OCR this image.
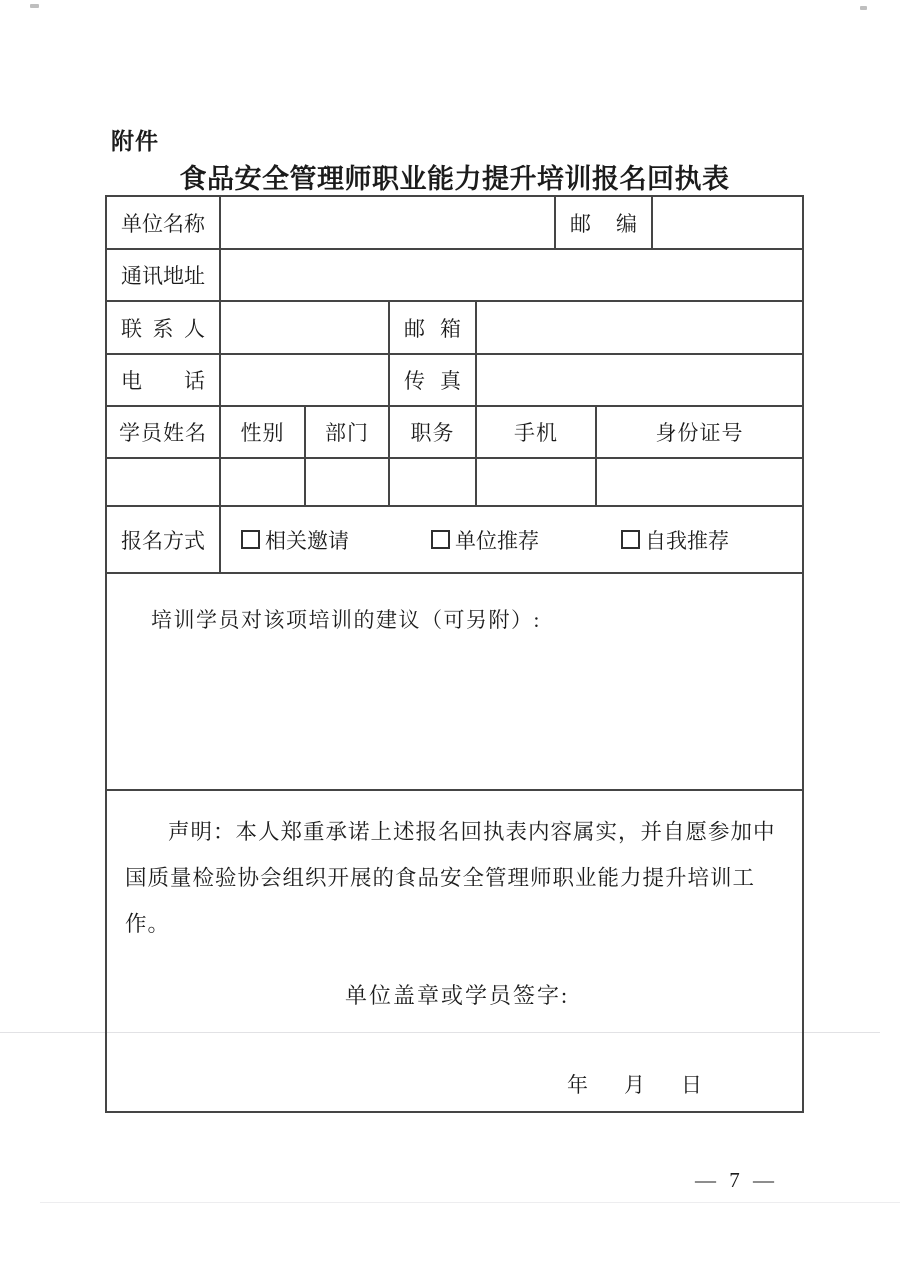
附件
食品安全管理师职业能力提升培训报名回执表
单位名称	邮 编
通讯地址
联 系 人	邮 箱
电 话	传 真
学员姓名	性别	部门	职务	手机	身份证号
报名方式	相关邀请	单位推荐	自我推荐
培训学员对该项培训的建议（可另附）:
声明：本人郑重承诺上述报名回执表内容属实，并自愿参加中国质量检验协会组织开展的食品安全管理师职业能力提升培训工作。
单位盖章或学员签字:
年 月 日
— 7 —
